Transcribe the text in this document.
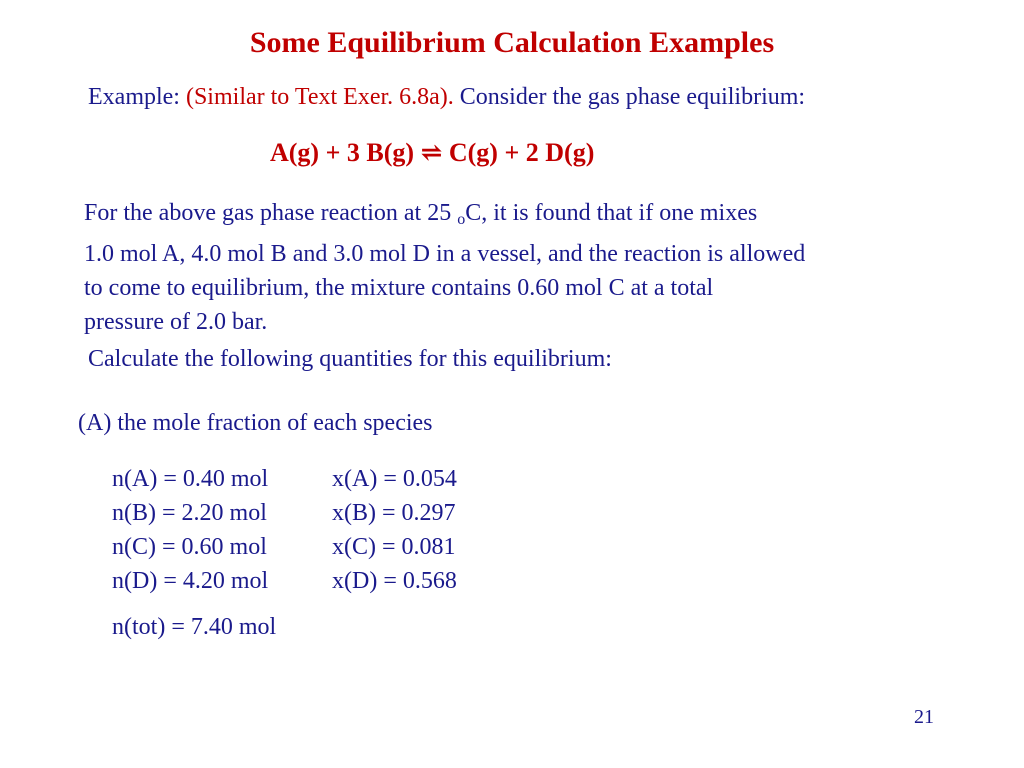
Some Equilibrium Calculation Examples
Example: (Similar to Text Exer. 6.8a). Consider the gas phase equilibrium:
A(g) + 3 B(g) ⇌ C(g) + 2 D(g)
For the above gas phase reaction at 25 $_o$C, it is found that if one mixes
1.0 mol A, 4.0 mol B and 3.0 mol D in a vessel, and the reaction is allowed
to come to equilibrium, the mixture contains 0.60 mol C at a total
pressure of 2.0 bar.
Calculate the following quantities for this equilibrium:
(A) the mole fraction of each species
n(A) = 0.40 mol	x(A) = 0.054
n(B) = 2.20 mol	x(B) = 0.297
n(C) = 0.60 mol	x(C) = 0.081
n(D) = 4.20 mol	x(D) = 0.568
n(tot) = 7.40 mol
21
